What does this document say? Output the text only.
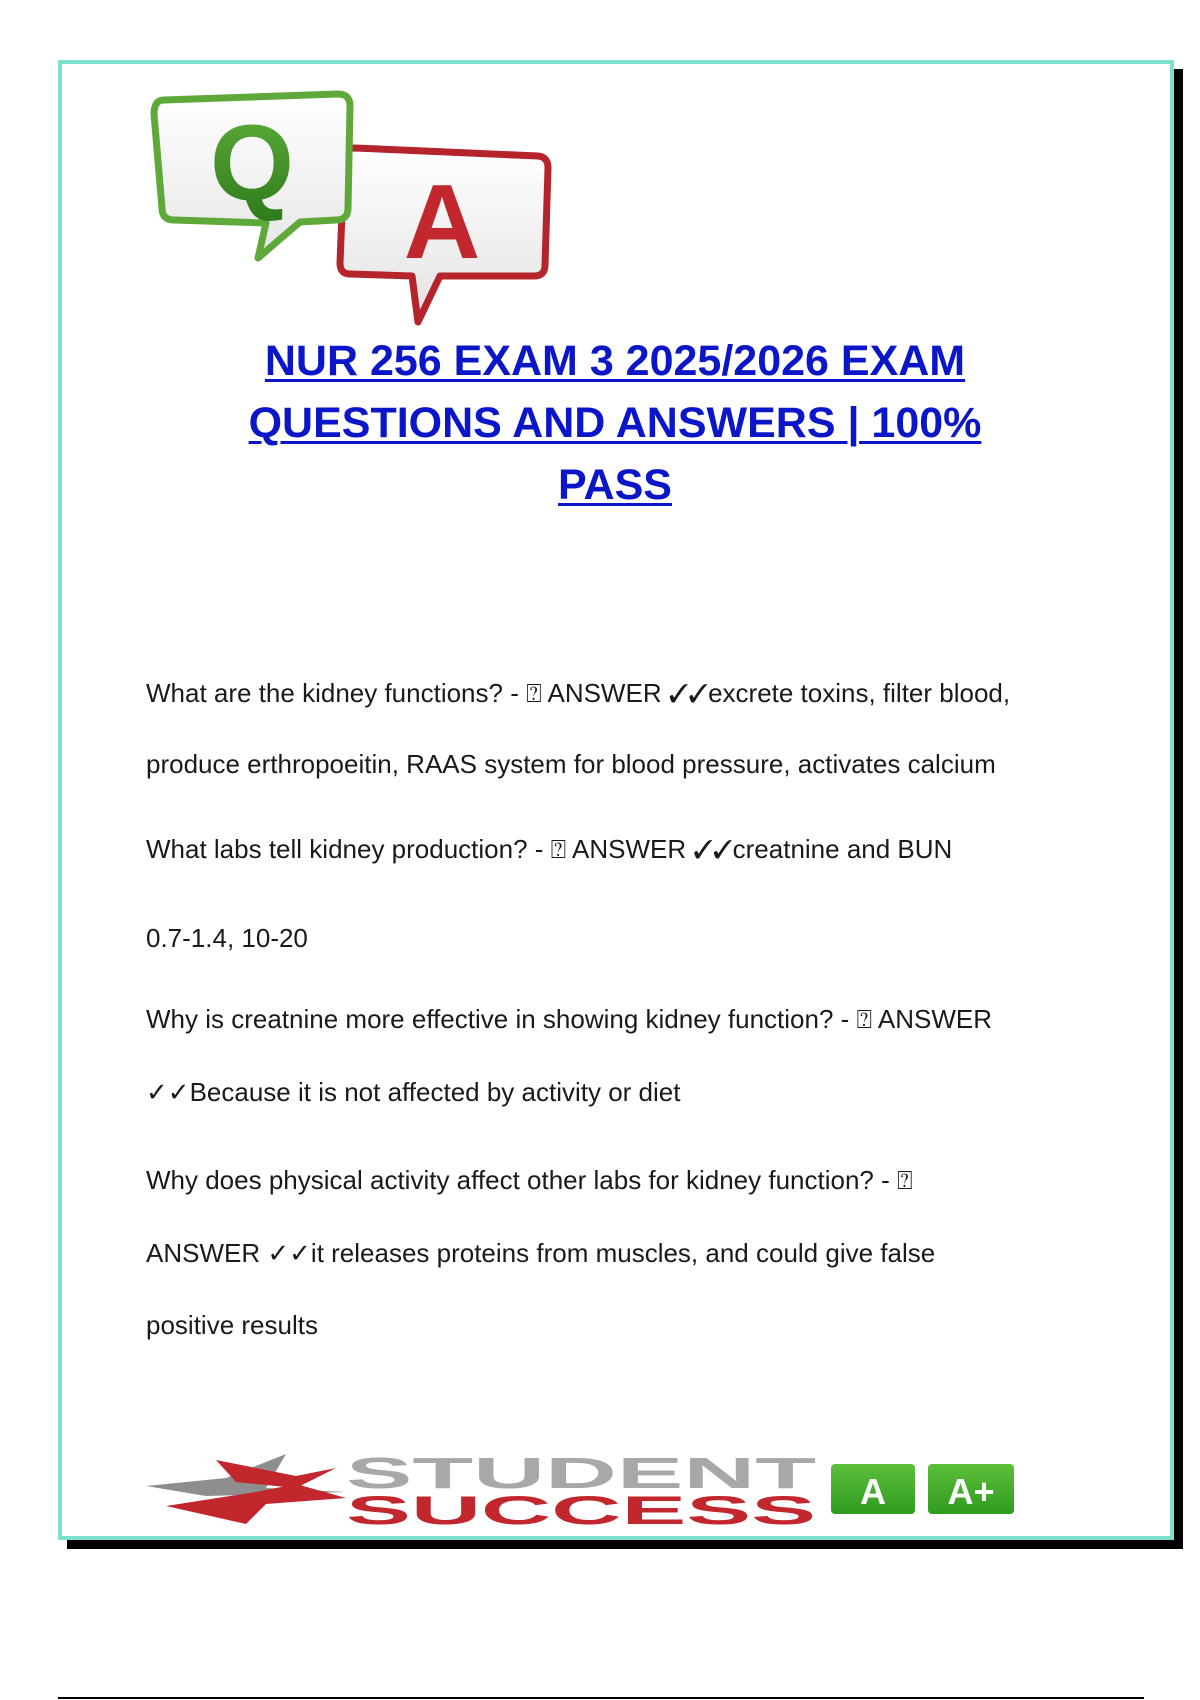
A
Q
NUR 256 EXAM 3 2025/2026 EXAM
QUESTIONS AND ANSWERS | 100%
PASS

What are the kidney functions? - ⍰ ANSWER ✓✓excrete toxins, filter blood,

produce erthropoeitin, RAAS system for blood pressure, activates calcium

What labs tell kidney production? - ⍰ ANSWER ✓✓creatnine and BUN

0.7-1.4, 10-20

Why is creatnine more effective in showing kidney function? - ⍰ ANSWER

✓✓Because it is not affected by activity or diet

Why does physical activity affect other labs for kidney function? - ⍰

ANSWER ✓✓it releases proteins from muscles, and could give false

positive results

STUDENT
SUCCESS A A+
